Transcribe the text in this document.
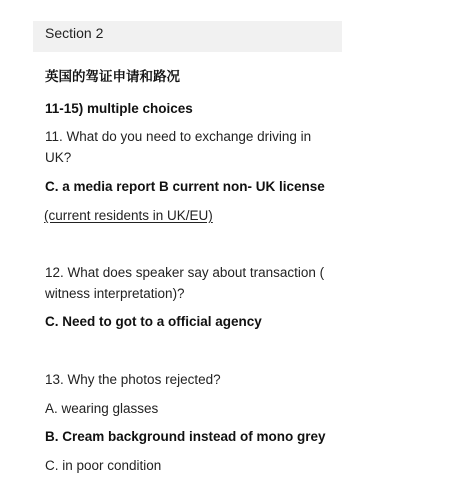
Section 2
英国的驾证申请和路况
11-15) multiple choices
11. What do you need to exchange driving in
UK?
C. a media report B current non- UK license
(current residents in UK/EU)
12. What does speaker say about transaction (
witness interpretation)?
C. Need to got to a official agency
13. Why the photos rejected?
A. wearing glasses
B. Cream background instead of mono grey
C. in poor condition
